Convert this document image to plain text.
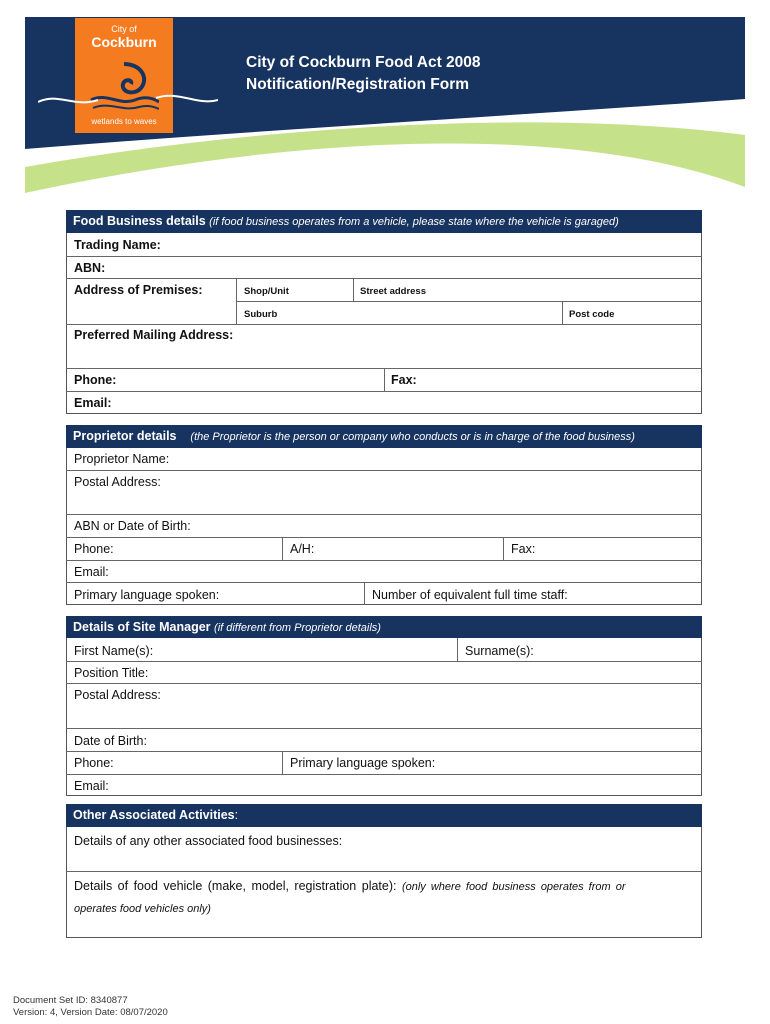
City of
Cockburn
wetlands to waves
City of Cockburn Food Act 2008
Notification/Registration Form
Food Business details (if food business operates from a vehicle, please state where the vehicle is garaged)
Trading Name:
ABN:
Address of Premises:	Shop/Unit	Street address
Suburb	Post code
Preferred Mailing Address:
Phone:	Fax:
Email:
Proprietor details (the Proprietor is the person or company who conducts or is in charge of the food business)
Proprietor Name:
Postal Address:
ABN or Date of Birth:
Phone:	A/H:	Fax:
Email:
Primary language spoken:	Number of equivalent full time staff:
Details of Site Manager (if different from Proprietor details)
First Name(s):	Surname(s):
Position Title:
Postal Address:
Date of Birth:
Phone:	Primary language spoken:
Email:
Other Associated Activities:
Details of any other associated food businesses:
Details of food vehicle (make, model, registration plate): (only where food business operates from or
operates food vehicles only)
Document Set ID: 8340877
Version: 4, Version Date: 08/07/2020
